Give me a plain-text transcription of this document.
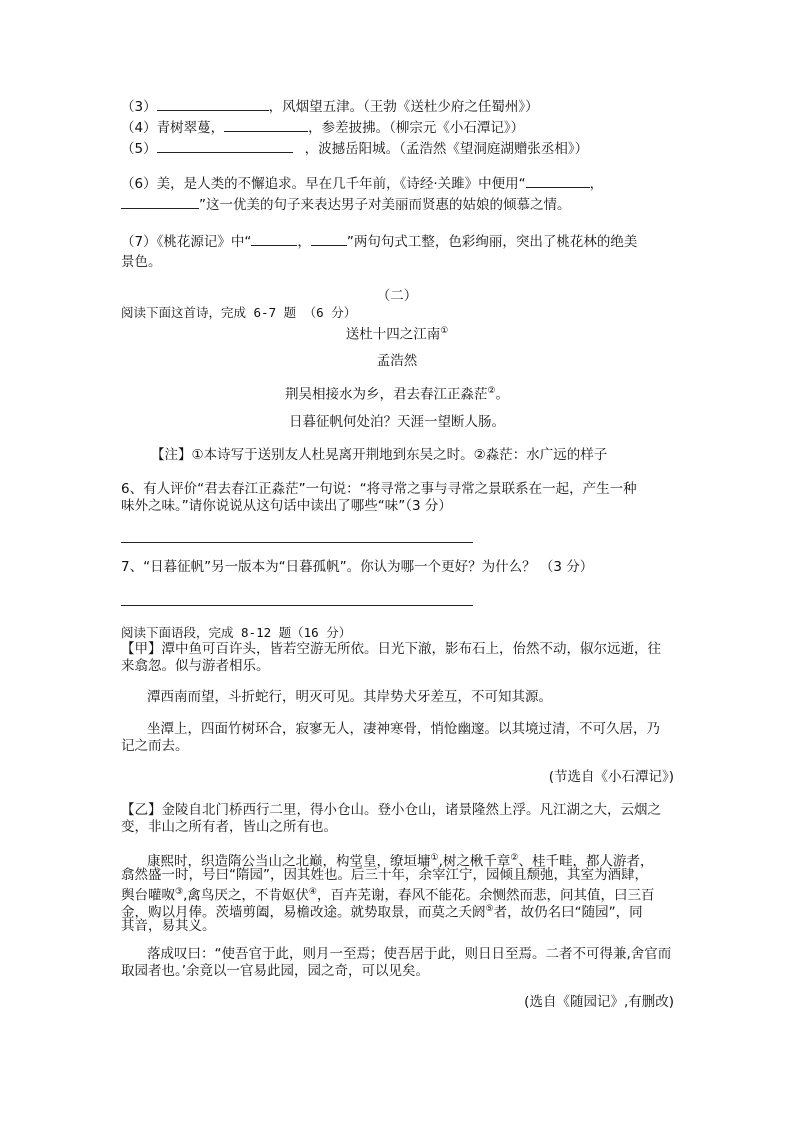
（3）	，风烟望五津。（王勃《送杜少府之任蜀州》）
（4）青树翠蔓，	，参差披拂。（柳宗元《小石潭记》）
（5）	，波撼岳阳城。（孟浩然《望洞庭湖赠张丞相》）
（6）美，是人类的不懈追求。早在几千年前，《诗经·关雎》中便用“	，
”这一优美的句子来表达男子对美丽而贤惠的姑娘的倾慕之情。
（7）《桃花源记》中“	，	”两句句式工整，色彩绚丽，突出了桃花林的绝美
景色。
（二）
阅读下面这首诗，完成 6-7 题 （6 分）
送杜十四之江南①
孟浩然
荆吴相接水为乡，君去春江正淼茫②。
日暮征帆何处泊？天涯一望断人肠。
【注】①本诗写于送别友人杜晃离开荆地到东吴之时。②淼茫：水广远的样子
6、有人评价“君去春江正淼茫”一句说：“将寻常之事与寻常之景联系在一起，产生一种
味外之味。”请你说说从这句话中读出了哪些“味”（3 分）
7、“日暮征帆”另一版本为“日暮孤帆”。你认为哪一个更好？为什么？ （3 分）
阅读下面语段，完成 8-12 题（16 分）
【甲】潭中鱼可百许头，皆若空游无所依。日光下澈，影布石上，佁然不动，俶尔远逝，往
来翕忽。似与游者相乐。
潭西南而望，斗折蛇行，明灭可见。其岸势犬牙差互，不可知其源。
坐潭上，四面竹树环合，寂寥无人，凄神寒骨，悄怆幽邃。以其境过清，不可久居，乃
记之而去。
(节选自《小石潭记》)
【乙】金陵自北门桥西行二里，得小仓山。登小仓山，诸景隆然上浮。凡江湖之大，云烟之
变，非山之所有者，皆山之所有也。
康熙时，织造隋公当山之北巅，构堂皇，缭垣墉①,树之楸千章②、桂千畦，都人游者，
翕然盛一时，号曰“隋园”，因其姓也。后三十年，余宰江宁，园倾且颓弛，其室为酒肆，
舆台嚾呶③,禽鸟厌之，不肯妪伏④，百卉芜谢，春风不能花。余恻然而悲，问其值，曰三百
金，购以月俸。茨墙剪阖，易檐改途。就势取景，而莫之夭阏⑤者，故仍名曰“随园”，同
其音，易其义。
落成叹曰：“使吾官于此，则月一至焉；使吾居于此，则日日至焉。二者不可得兼,舍官而
取园者也。’余竟以一官易此园，园之奇，可以见矣。
(选自《随园记》,有删改)
